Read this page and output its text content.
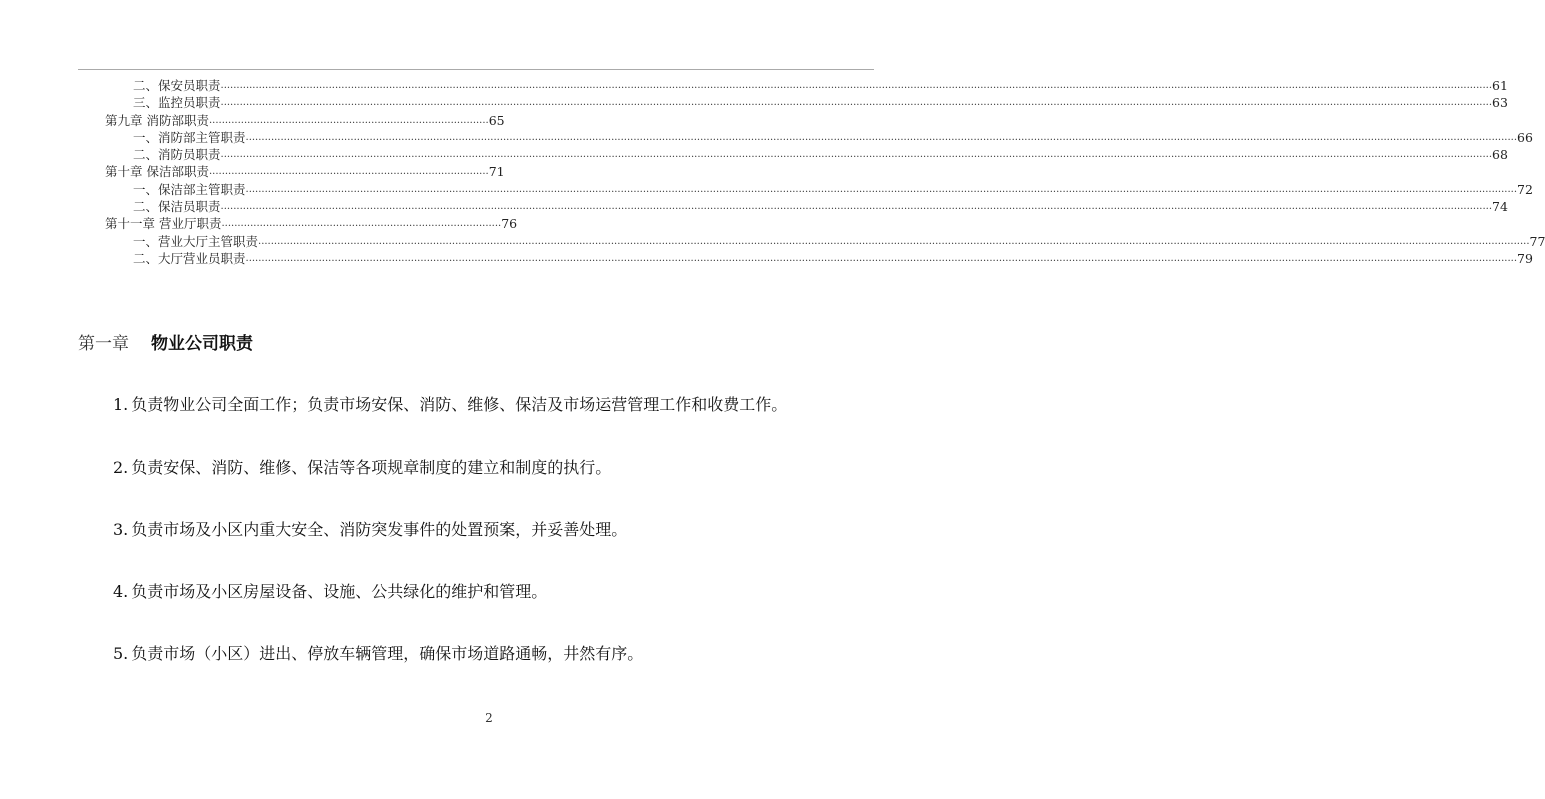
二、保安员职责 ................................................................................................................................................................................................................................................................................................................................................................................................................ 61
三、监控员职责 ................................................................................................................................................................................................................................................................................................................................................................................................................ 63
第九章 消防部职责 ........................................................................................ 65
一、消防部主管职责 ................................................................................................................................................................................................................................................................................................................................................................................................................ 66
二、消防员职责 ................................................................................................................................................................................................................................................................................................................................................................................................................ 68
第十章 保洁部职责 ........................................................................................ 71
一、保洁部主管职责 ................................................................................................................................................................................................................................................................................................................................................................................................................ 72
二、保洁员职责 ................................................................................................................................................................................................................................................................................................................................................................................................................ 74
第十一章 营业厅职责 ........................................................................................ 76
一、营业大厅主管职责 ................................................................................................................................................................................................................................................................................................................................................................................................................ 77
二、大厅营业员职责 ................................................................................................................................................................................................................................................................................................................................................................................................................ 79
第一章 物业公司职责
1. 负责物业公司全面工作；负责市场安保、消防、维修、保洁及市场运营管理工作和收费工作。
2. 负责安保、消防、维修、保洁等各项规章制度的建立和制度的执行。
3. 负责市场及小区内重大安全、消防突发事件的处置预案，并妥善处理。
4. 负责市场及小区房屋设备、设施、公共绿化的维护和管理。
5. 负责市场（小区）进出、停放车辆管理，确保市场道路通畅，井然有序。
2
